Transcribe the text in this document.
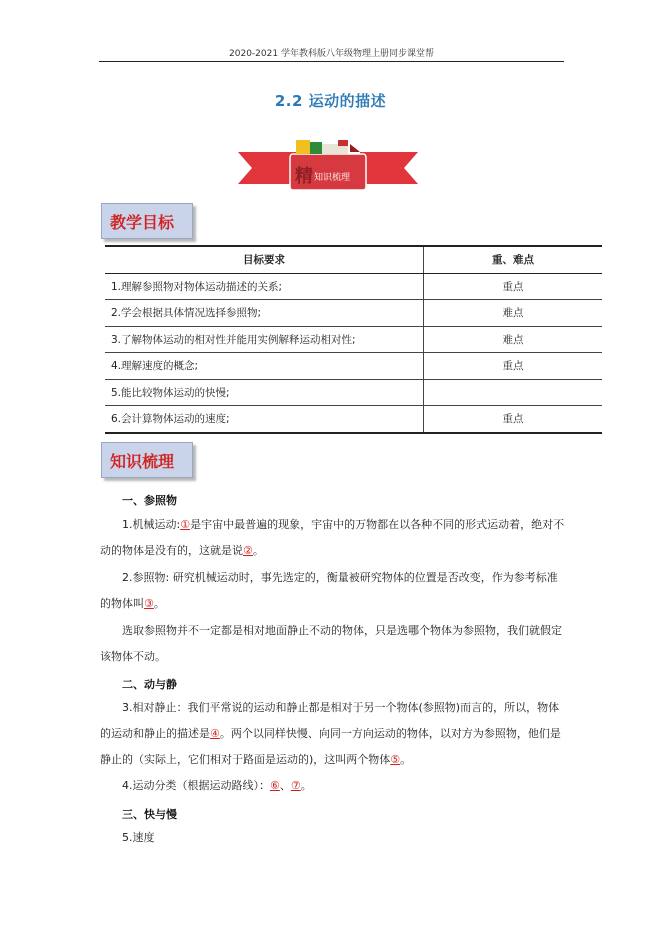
2020-2021 学年教科版八年级物理上册同步课堂帮
2.2 运动的描述
精 知识梳理
教学目标
目标要求	重、难点
1.理解参照物对物体运动描述的关系;	重点
2.学会根据具体情况选择参照物;	难点
3.了解物体运动的相对性并能用实例解释运动相对性;	难点
4.理解速度的概念;	重点
5.能比较物体运动的快慢;	
6.会计算物体运动的速度;	重点
知识梳理
一、参照物
1.机械运动:①是宇宙中最普遍的现象，宇宙中的万物都在以各种不同的形式运动着，绝对不动的物体是没有的，这就是说②。
2.参照物: 研究机械运动时，事先选定的，衡量被研究物体的位置是否改变，作为参考标准的物体叫③。
选取参照物并不一定都是相对地面静止不动的物体，只是选哪个物体为参照物，我们就假定该物体不动。
二、动与静
3.相对静止：我们平常说的运动和静止都是相对于另一个物体(参照物)而言的，所以，物体的运动和静止的描述是④。两个以同样快慢、向同一方向运动的物体，以对方为参照物，他们是静止的（实际上，它们相对于路面是运动的)，这叫两个物体⑤。
4.运动分类（根据运动路线）：⑥、⑦。
三、快与慢
5.速度
